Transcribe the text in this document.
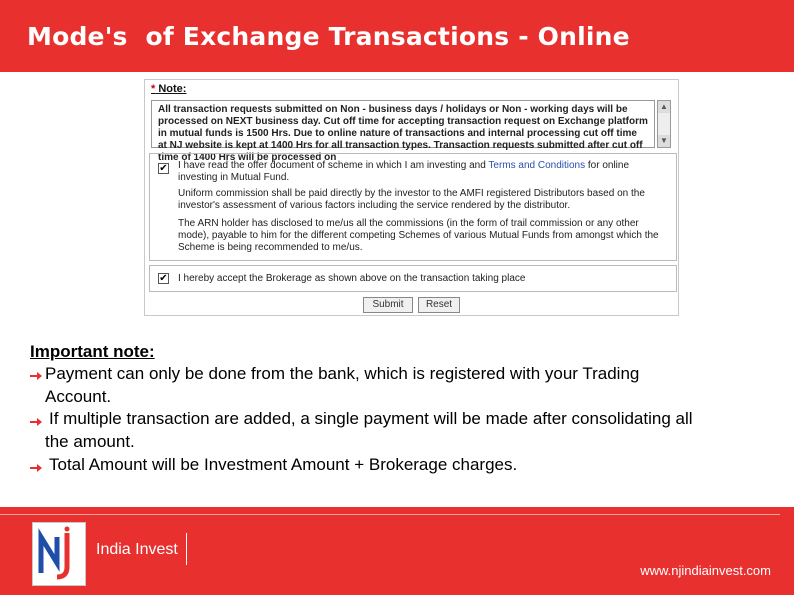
Mode's  of Exchange Transactions - Online
* Note:
All transaction requests submitted on Non - business days / holidays or Non - working days will be processed on NEXT business day. Cut off time for accepting transaction request on Exchange platform in mutual funds is 1500 Hrs. Due to online nature of transactions and internal processing cut off time at NJ website is kept at 1400 Hrs for all transaction types. Transaction requests submitted after cut off time of 1400 Hrs will be processed on
▲
▼
✔ I have read the offer document of scheme in which I am investing and Terms and Conditions for online investing in Mutual Fund.
Uniform commission shall be paid directly by the investor to the AMFI registered Distributors based on the investor's assessment of various factors including the service rendered by the distributor.
The ARN holder has disclosed to me/us all the commissions (in the form of trail commission or any other mode), payable to him for the different competing Schemes of various Mutual Funds from amongst which the Scheme is being recommended to me/us.
✔ I hereby accept the Brokerage as shown above on the transaction taking place
Submit	Reset
Important note:
Payment can only be done from the bank, which is registered with your Trading
Account.
If multiple transaction are added, a single payment will be made after consolidating all
the amount.
Total Amount will be Investment Amount + Brokerage charges.
India Invest
www.njindiainvest.com
